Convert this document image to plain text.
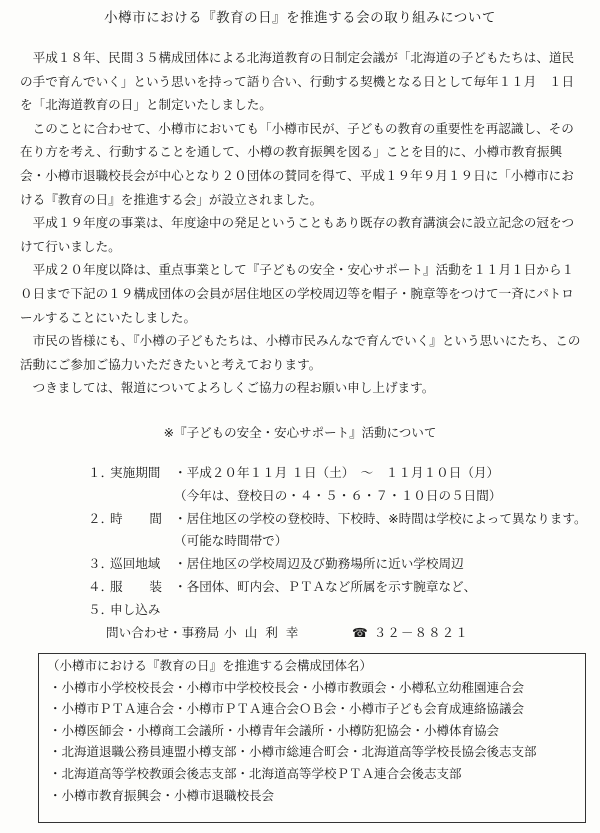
小樽市における『教育の日』を推進する会の取り組みについて

平成１８年、民間３５構成団体による北海道教育の日制定会議が「北海道の子どもたちは、道民の手で育んでいく」という思いを持って語り合い、行動する契機となる日として毎年１１月　１日を「北海道教育の日」と制定いたしました。

このことに合わせて、小樽市においても「小樽市民が、子どもの教育の重要性を再認識し、その在り方を考え、行動することを通して、小樽の教育振興を図る」ことを目的に、小樽市教育振興会・小樽市退職校長会が中心となり２０団体の賛同を得て、平成１９年９月１９日に「小樽市における『教育の日』を推進する会」が設立されました。

平成１９年度の事業は、年度途中の発足ということもあり既存の教育講演会に設立記念の冠をつけて行いました。

平成２０年度以降は、重点事業として『子どもの安全・安心サポート』活動を１１月１日から１０日まで下記の１９構成団体の会員が居住地区の学校周辺等を帽子・腕章等をつけて一斉にパトロールすることにいたしました。

市民の皆様にも、『小樽の子どもたちは、小樽市民みんなで育んでいく』という思いにたち、この活動にご参加ご協力いただきたいと考えております。

つきましては、報道についてよろしくご協力の程お願い申し上げます。

※『子どもの安全・安心サポート』活動について
１．
実施期間	・平成２０年１１月 １日（土）　～　１１月１０日（月）
（今年は、登校日の・４・５・６・７・１０日の５日間）
２．
時 間 ・居住地区の学校の登校時、下校時、※時間は学校によって異なります。
（可能な時間帯で）
３．
巡回地域	・居住地区の学校周辺及び勤務場所に近い学校周辺
４．
服 装 ・各団体、町内会、ＰＴＡなど所属を示す腕章など、
５．
申し込み
問い合わせ・事務局 小 山 利 幸	☎ ３２－８８２１
（小樽市における『教育の日』を推進する会構成団体名）
・小樽市小学校校長会・小樽市中学校校長会・小樽市教頭会・小樽私立幼稚園連合会
・小樽市ＰＴＡ連合会・小樽市ＰＴＡ連合会ＯＢ会・小樽市子ども会育成連絡協議会
・小樽医師会・小樽商工会議所・小樽青年会議所・小樽防犯協会・小樽体育協会
・北海道退職公務員連盟小樽支部・小樽市総連合町会・北海道高等学校長協会後志支部
・北海道高等学校教頭会後志支部・北海道高等学校ＰＴＡ連合会後志支部
・小樽市教育振興会・小樽市退職校長会
